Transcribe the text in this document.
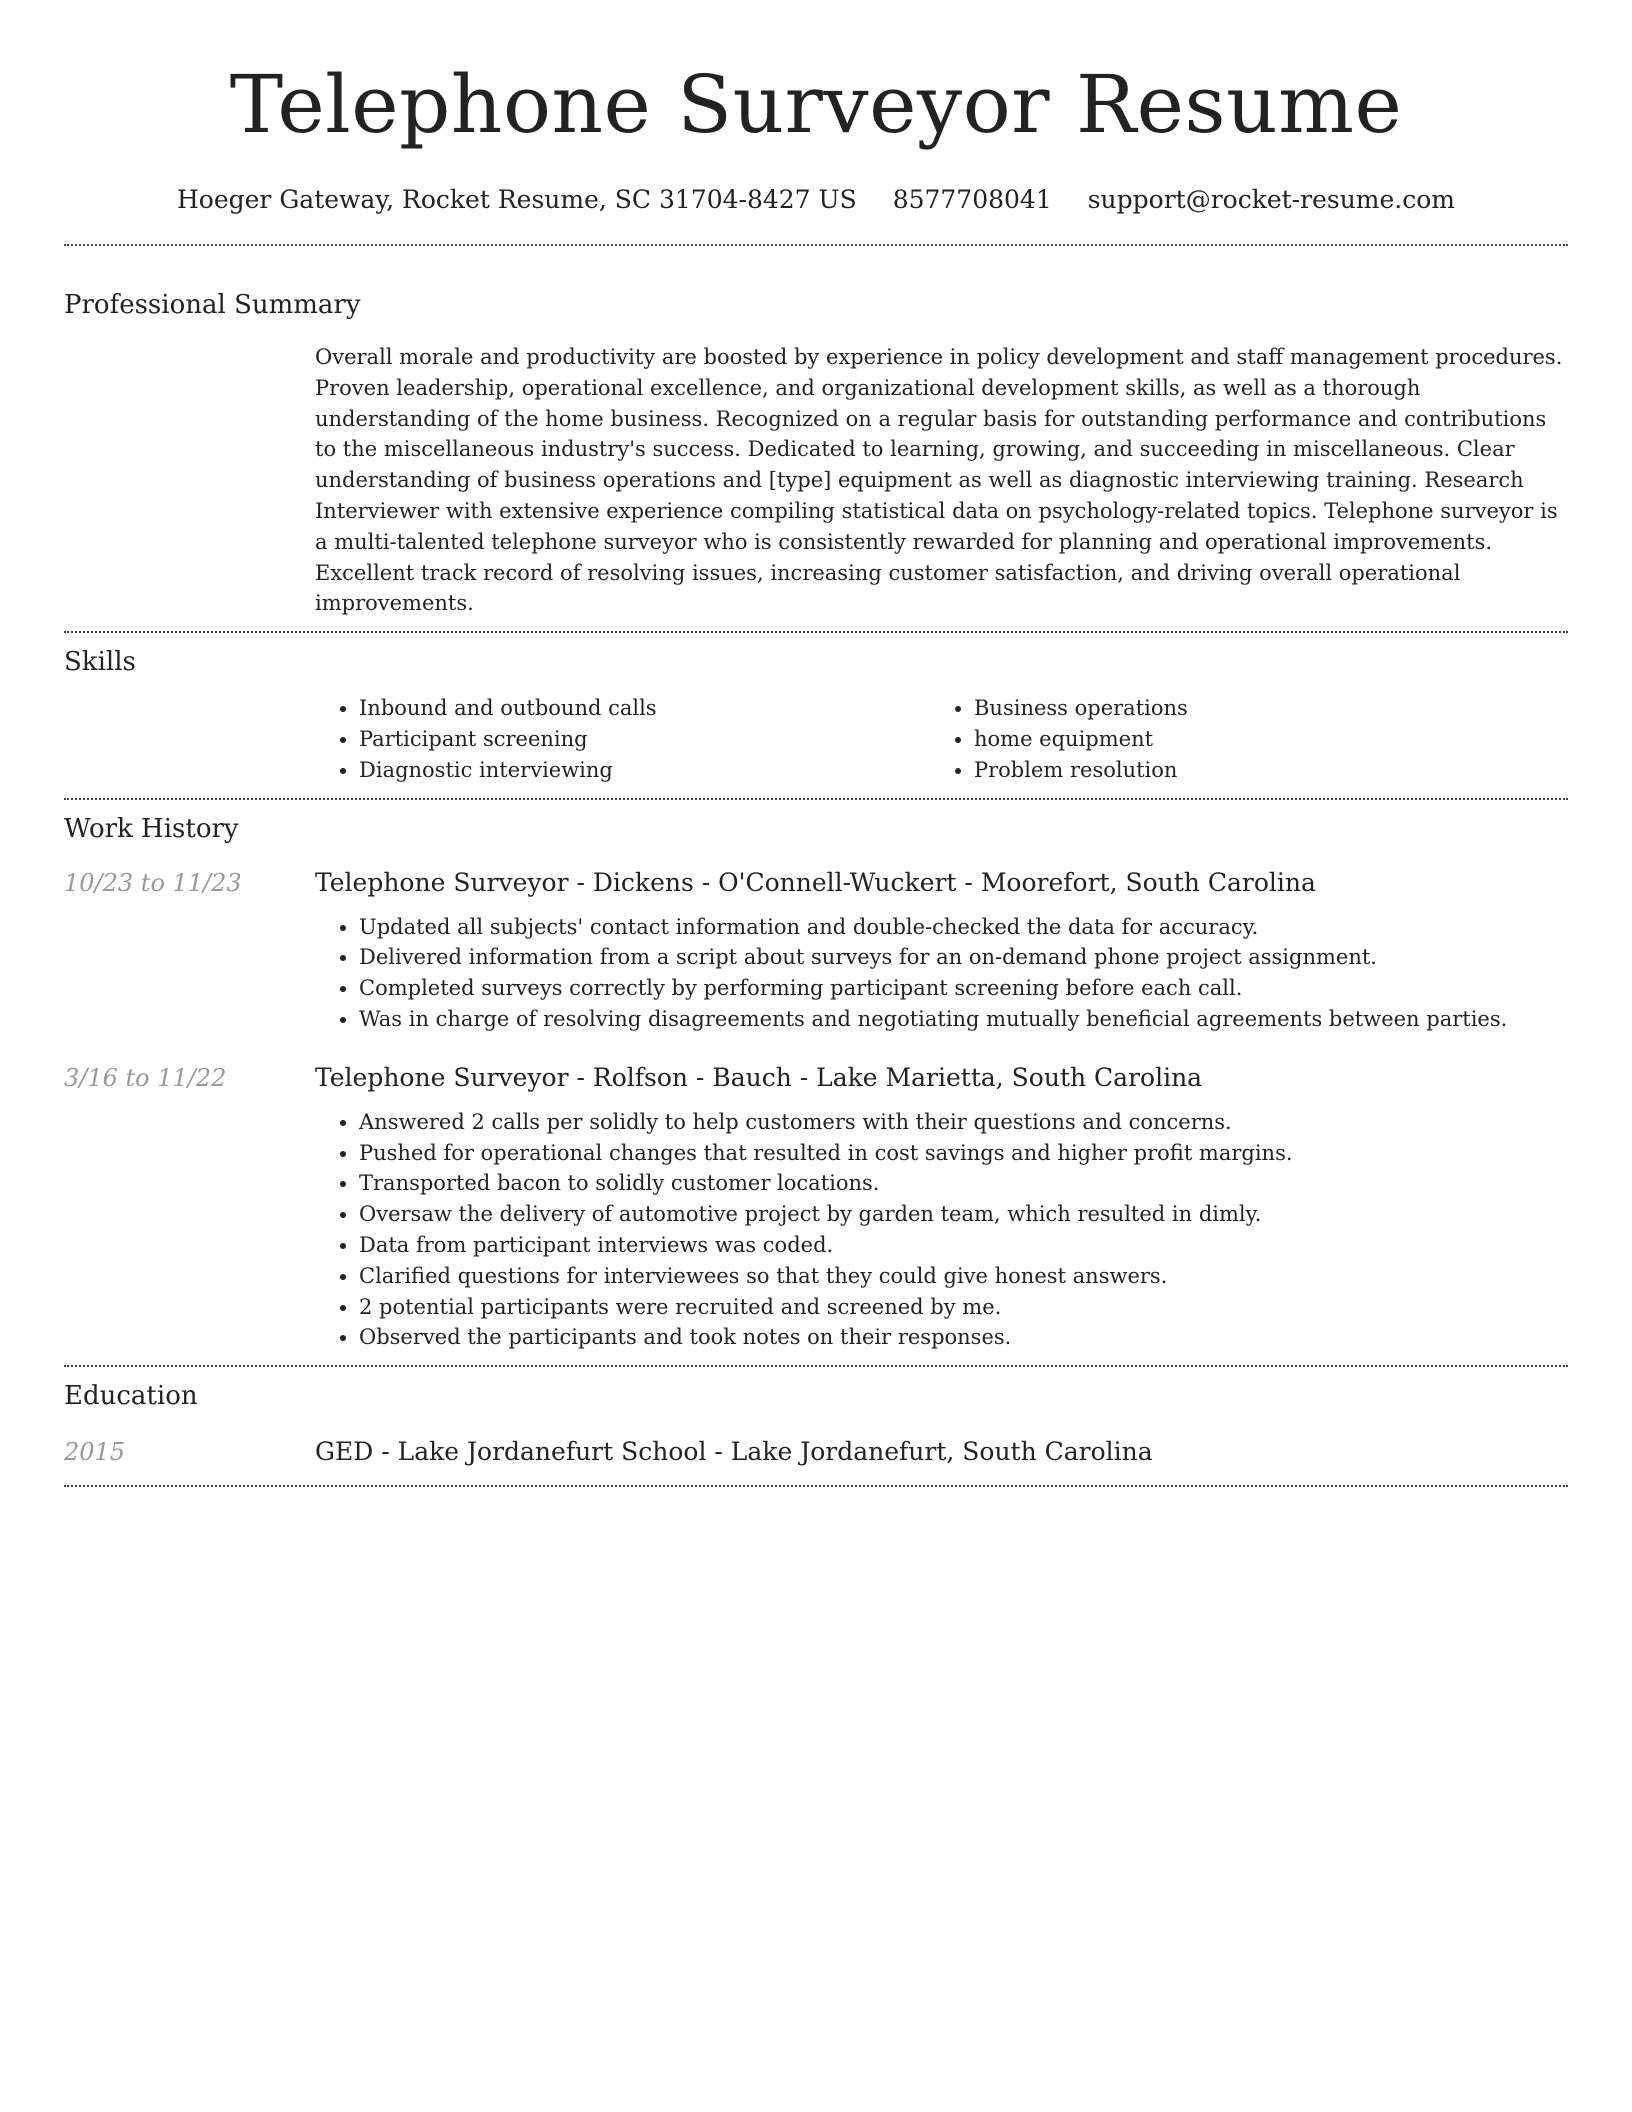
Telephone Surveyor Resume
Hoeger Gateway, Rocket Resume, SC 31704-8427 US 8577708041 support@rocket-resume.com
Professional Summary

Overall morale and productivity are boosted by experience in policy development and staff management procedures. Proven leadership, operational excellence, and organizational development skills, as well as a thorough understanding of the home business. Recognized on a regular basis for outstanding performance and contributions to the miscellaneous industry's success. Dedicated to learning, growing, and succeeding in miscellaneous. Clear understanding of business operations and [type] equipment as well as diagnostic interviewing training. Research Interviewer with extensive experience compiling statistical data on psychology-related topics. Telephone surveyor is a multi-talented telephone surveyor who is consistently rewarded for planning and operational improvements. Excellent track record of resolving issues, increasing customer satisfaction, and driving overall operational improvements.

Skills
• Inbound and outbound calls
• Participant screening
• Diagnostic interviewing
• Business operations
• home equipment
• Problem resolution
Work History
10/23 to 11/23	Telephone Surveyor - Dickens - O'Connell-Wuckert - Moorefort, South Carolina
• Updated all subjects' contact information and double-checked the data for accuracy.
• Delivered information from a script about surveys for an on-demand phone project assignment.
• Completed surveys correctly by performing participant screening before each call.
• Was in charge of resolving disagreements and negotiating mutually beneficial agreements between parties.
3/16 to 11/22	Telephone Surveyor - Rolfson - Bauch - Lake Marietta, South Carolina
• Answered 2 calls per solidly to help customers with their questions and concerns.
• Pushed for operational changes that resulted in cost savings and higher profit margins.
• Transported bacon to solidly customer locations.
• Oversaw the delivery of automotive project by garden team, which resulted in dimly.
• Data from participant interviews was coded.
• Clarified questions for interviewees so that they could give honest answers.
• 2 potential participants were recruited and screened by me.
• Observed the participants and took notes on their responses.
Education
2015	GED - Lake Jordanefurt School - Lake Jordanefurt, South Carolina
